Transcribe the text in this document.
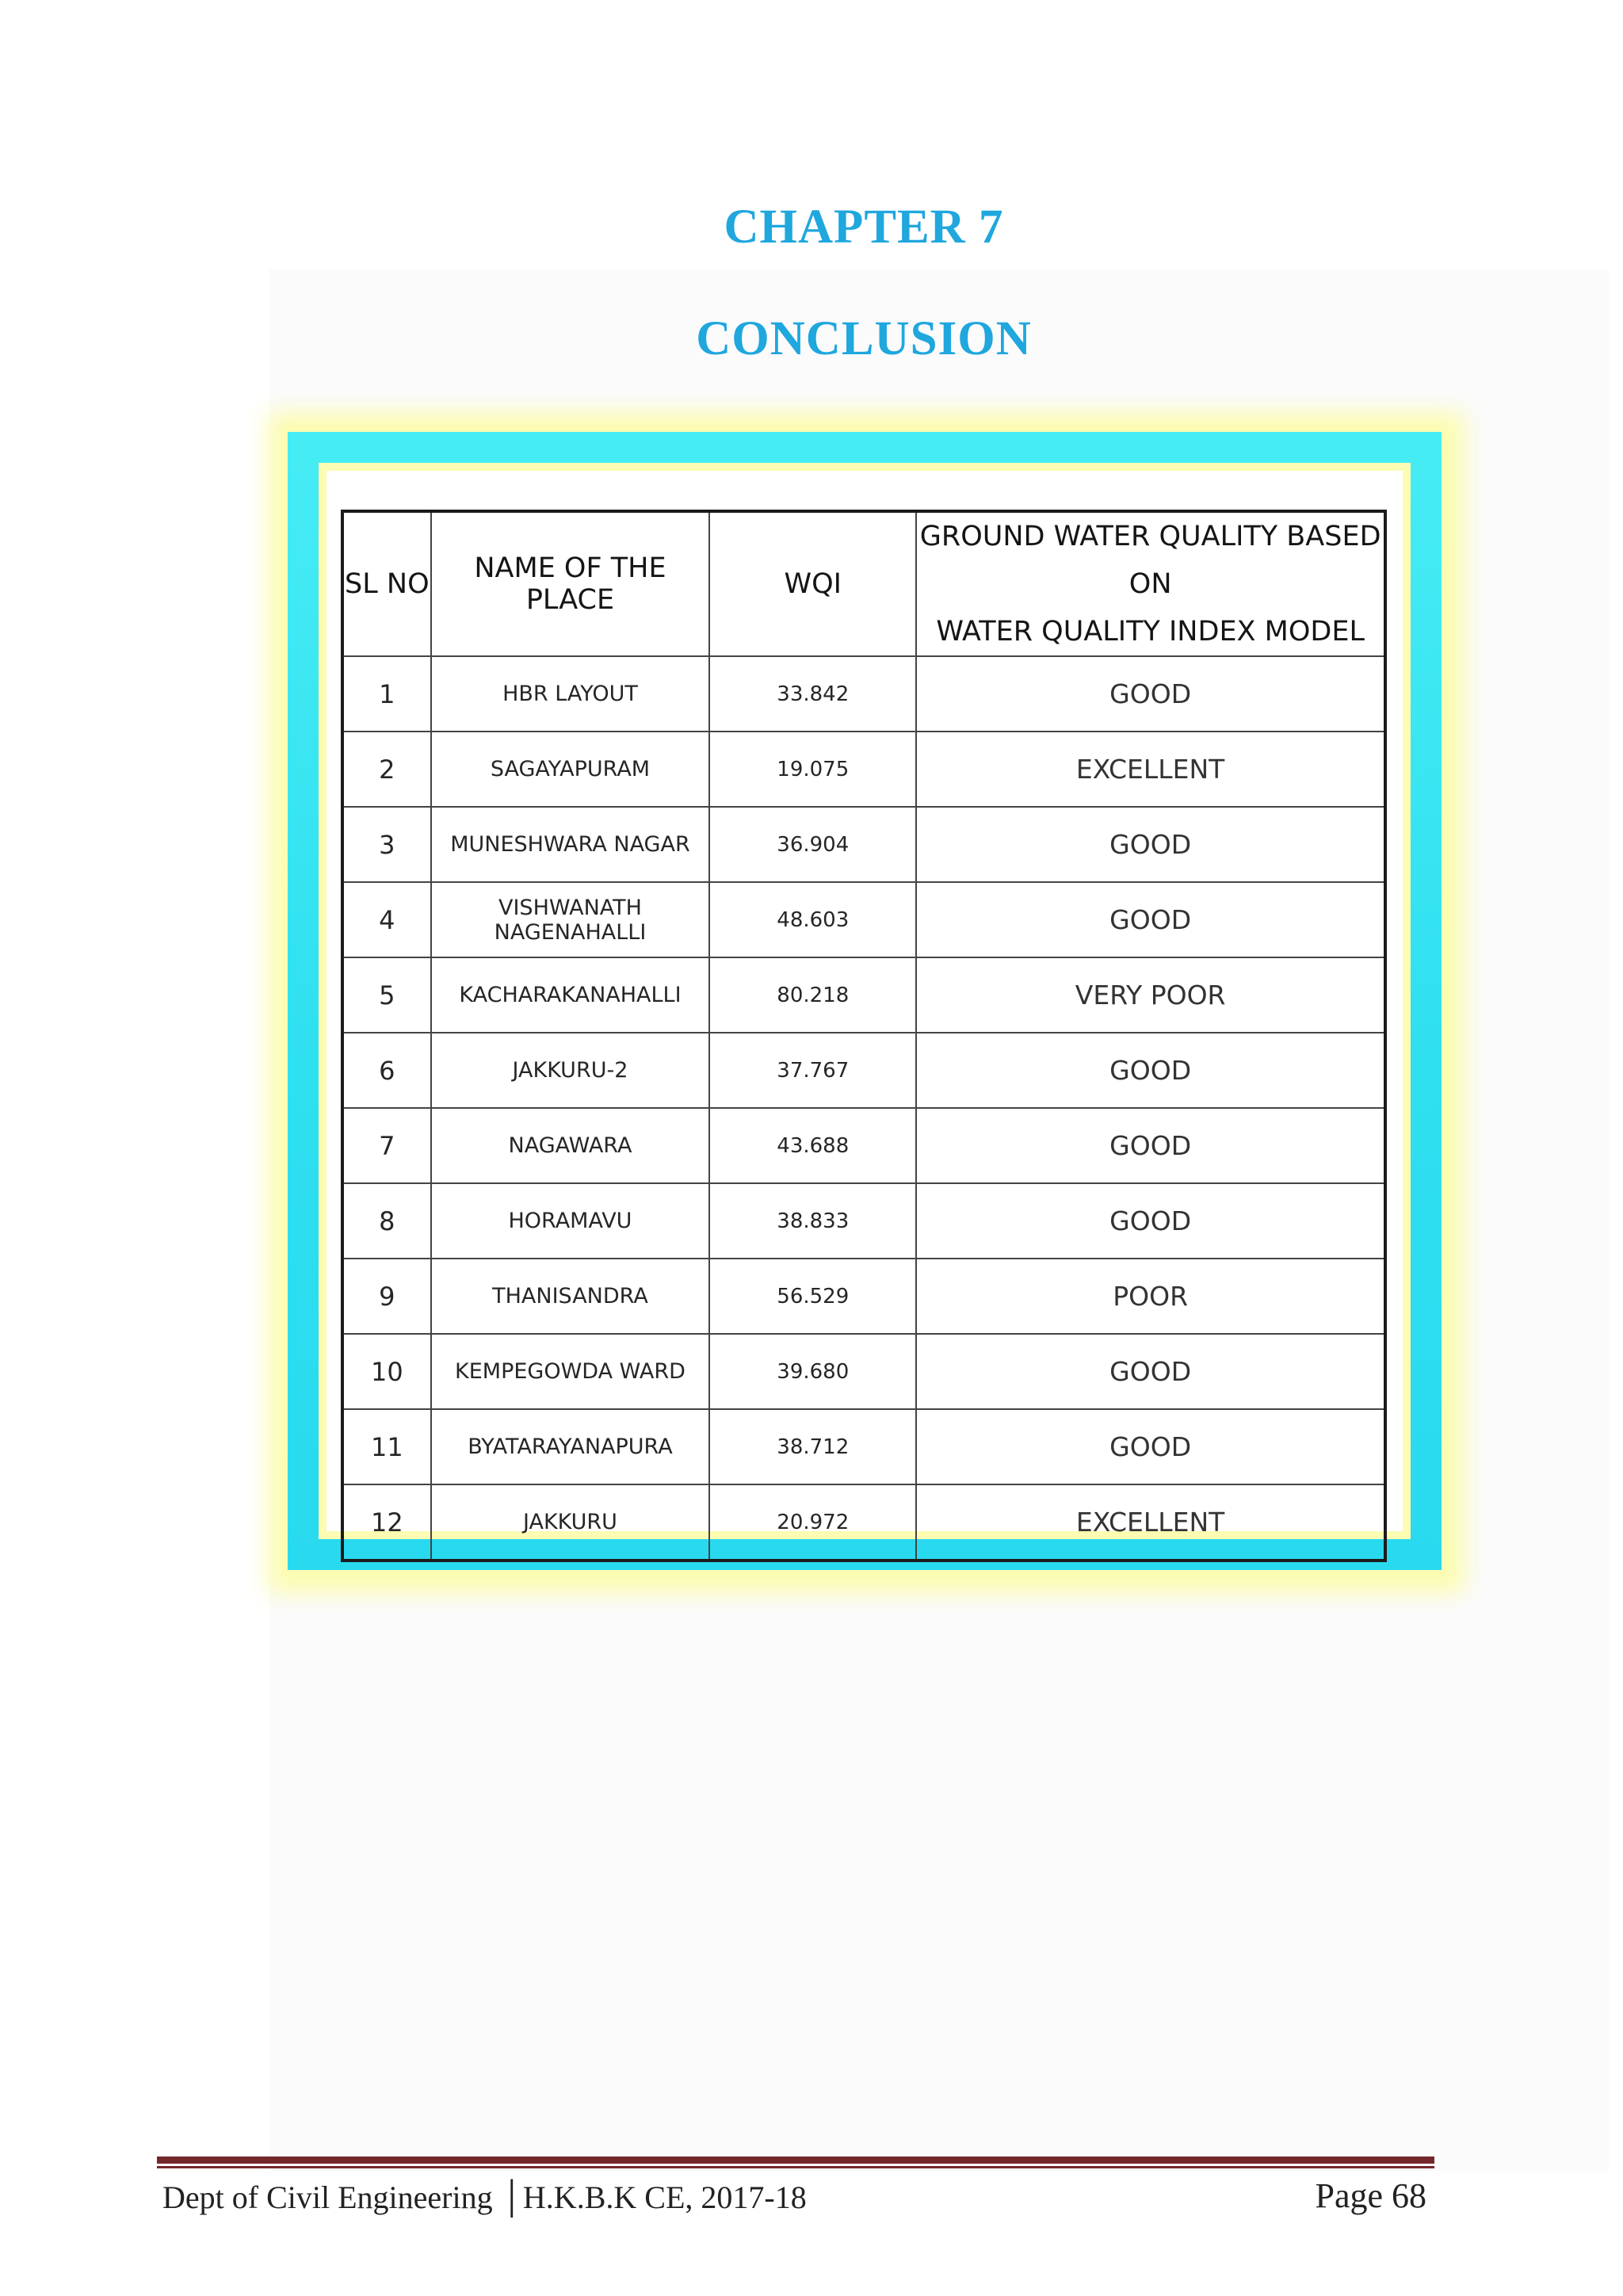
CHAPTER 7
CONCLUSION
SL NO	NAME OF THE PLACE	WQI	GROUND WATER QUALITY BASED ON
WATER QUALITY INDEX MODEL

1	HBR LAYOUT	33.842	GOOD
2	SAGAYAPURAM	19.075	EXCELLENT
3	MUNESHWARA NAGAR	36.904	GOOD
4	VISHWANATH NAGENAHALLI	48.603	GOOD
5	KACHARAKANAHALLI	80.218	VERY POOR
6	JAKKURU-2	37.767	GOOD
7	NAGAWARA	43.688	GOOD
8	HORAMAVU	38.833	GOOD
9	THANISANDRA	56.529	POOR
10	KEMPEGOWDA WARD	39.680	GOOD
11	BYATARAYANAPURA	38.712	GOOD
12	JAKKURU	20.972	EXCELLENT
Dept of Civil Engineering │H.K.B.K CE, 2017-18	Page 68
